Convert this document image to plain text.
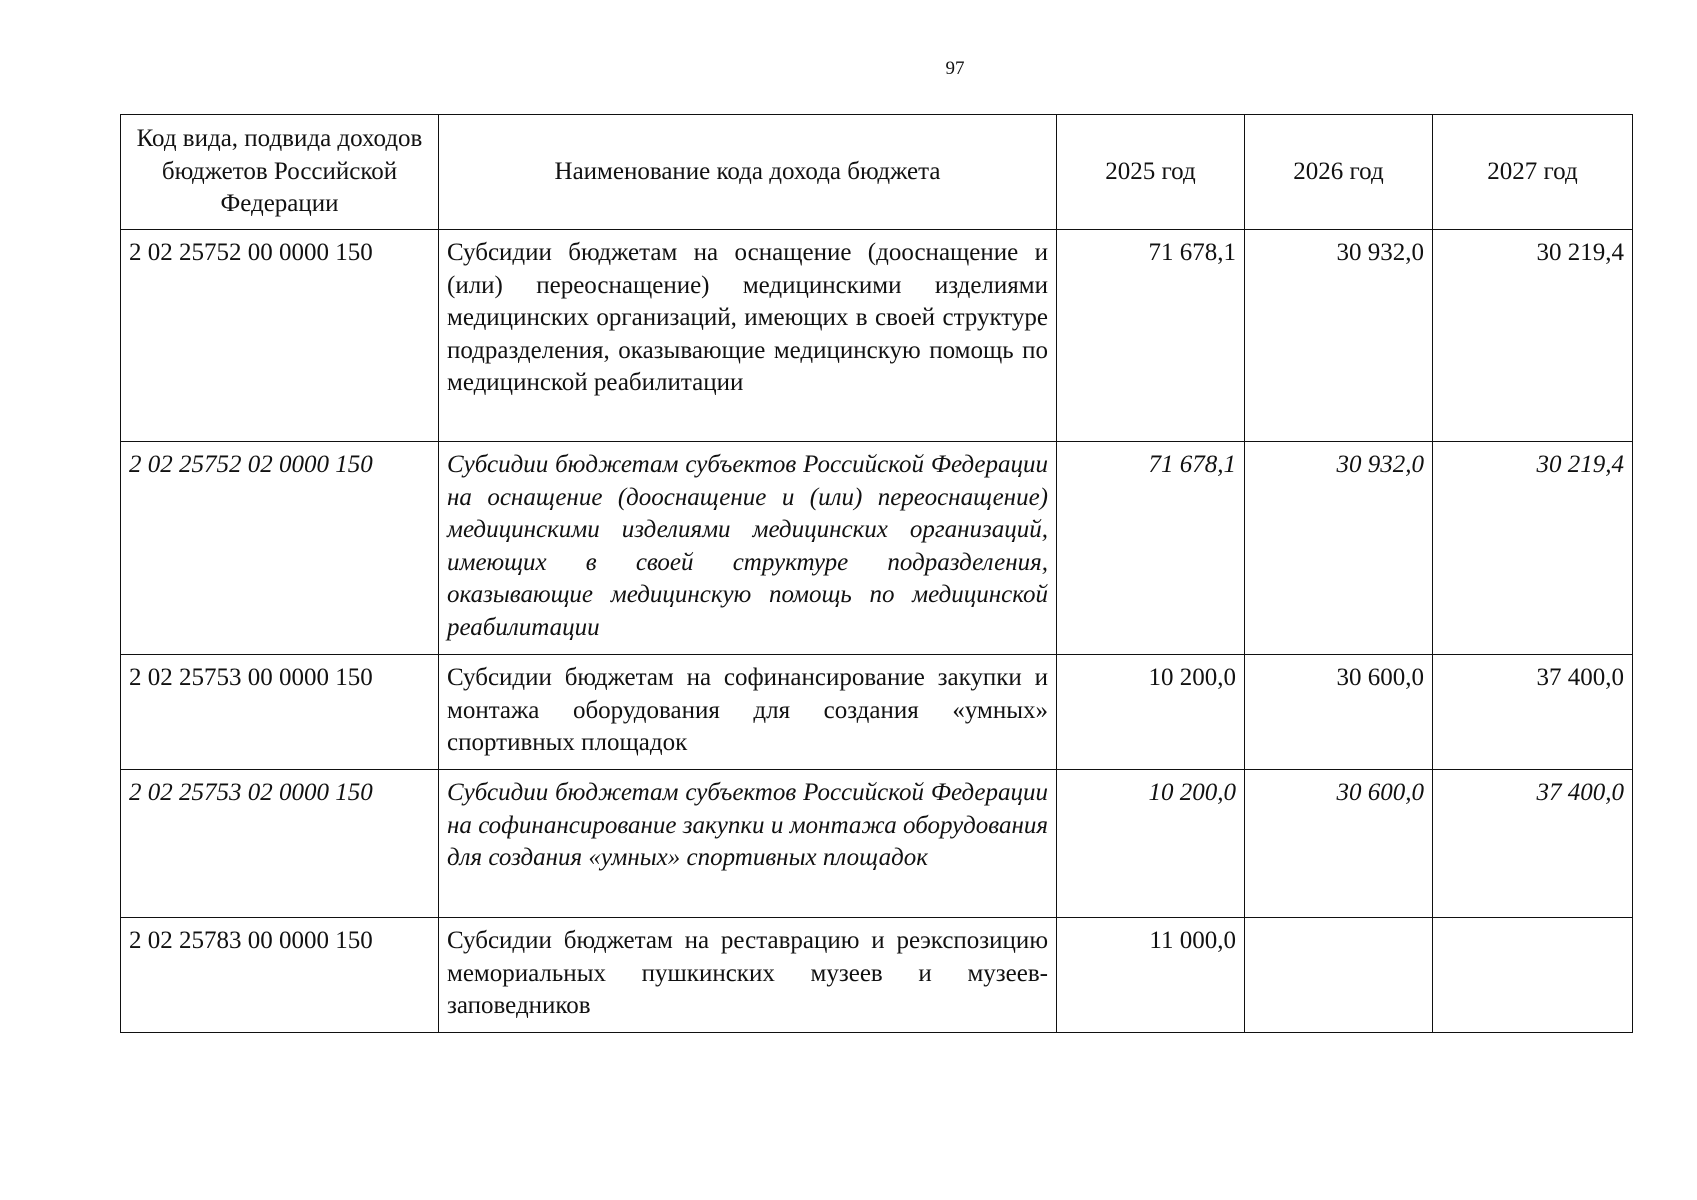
97
Код вида, подвида доходов бюджетов Российской Федерации	Наименование кода дохода бюджета	2025 год	2026 год	2027 год
2 02 25752 00 0000 150	Субсидии бюджетам на оснащение (дооснащение и (или) переоснащение) медицинскими изделиями медицинских организаций, имеющих в своей структуре подразделения, оказывающие медицинскую помощь по медицинской реабилитации	71 678,1	30 932,0	30 219,4
2 02 25752 02 0000 150	Субсидии бюджетам субъектов Российской Федерации на оснащение (дооснащение и (или) переоснащение) медицинскими изделиями медицинских организаций, имеющих в своей структуре подразделения, оказывающие медицинскую помощь по медицинской реабилитации	71 678,1	30 932,0	30 219,4
2 02 25753 00 0000 150	Субсидии бюджетам на софинансирование закупки и монтажа оборудования для создания «умных» спортивных площадок	10 200,0	30 600,0	37 400,0
2 02 25753 02 0000 150	Субсидии бюджетам субъектов Российской Федерации на софинансирование закупки и монтажа оборудования для создания «умных» спортивных площадок	10 200,0	30 600,0	37 400,0
2 02 25783 00 0000 150	Субсидии бюджетам на реставрацию и реэкспозицию мемориальных пушкинских музеев и музеев-заповедников	11 000,0		
